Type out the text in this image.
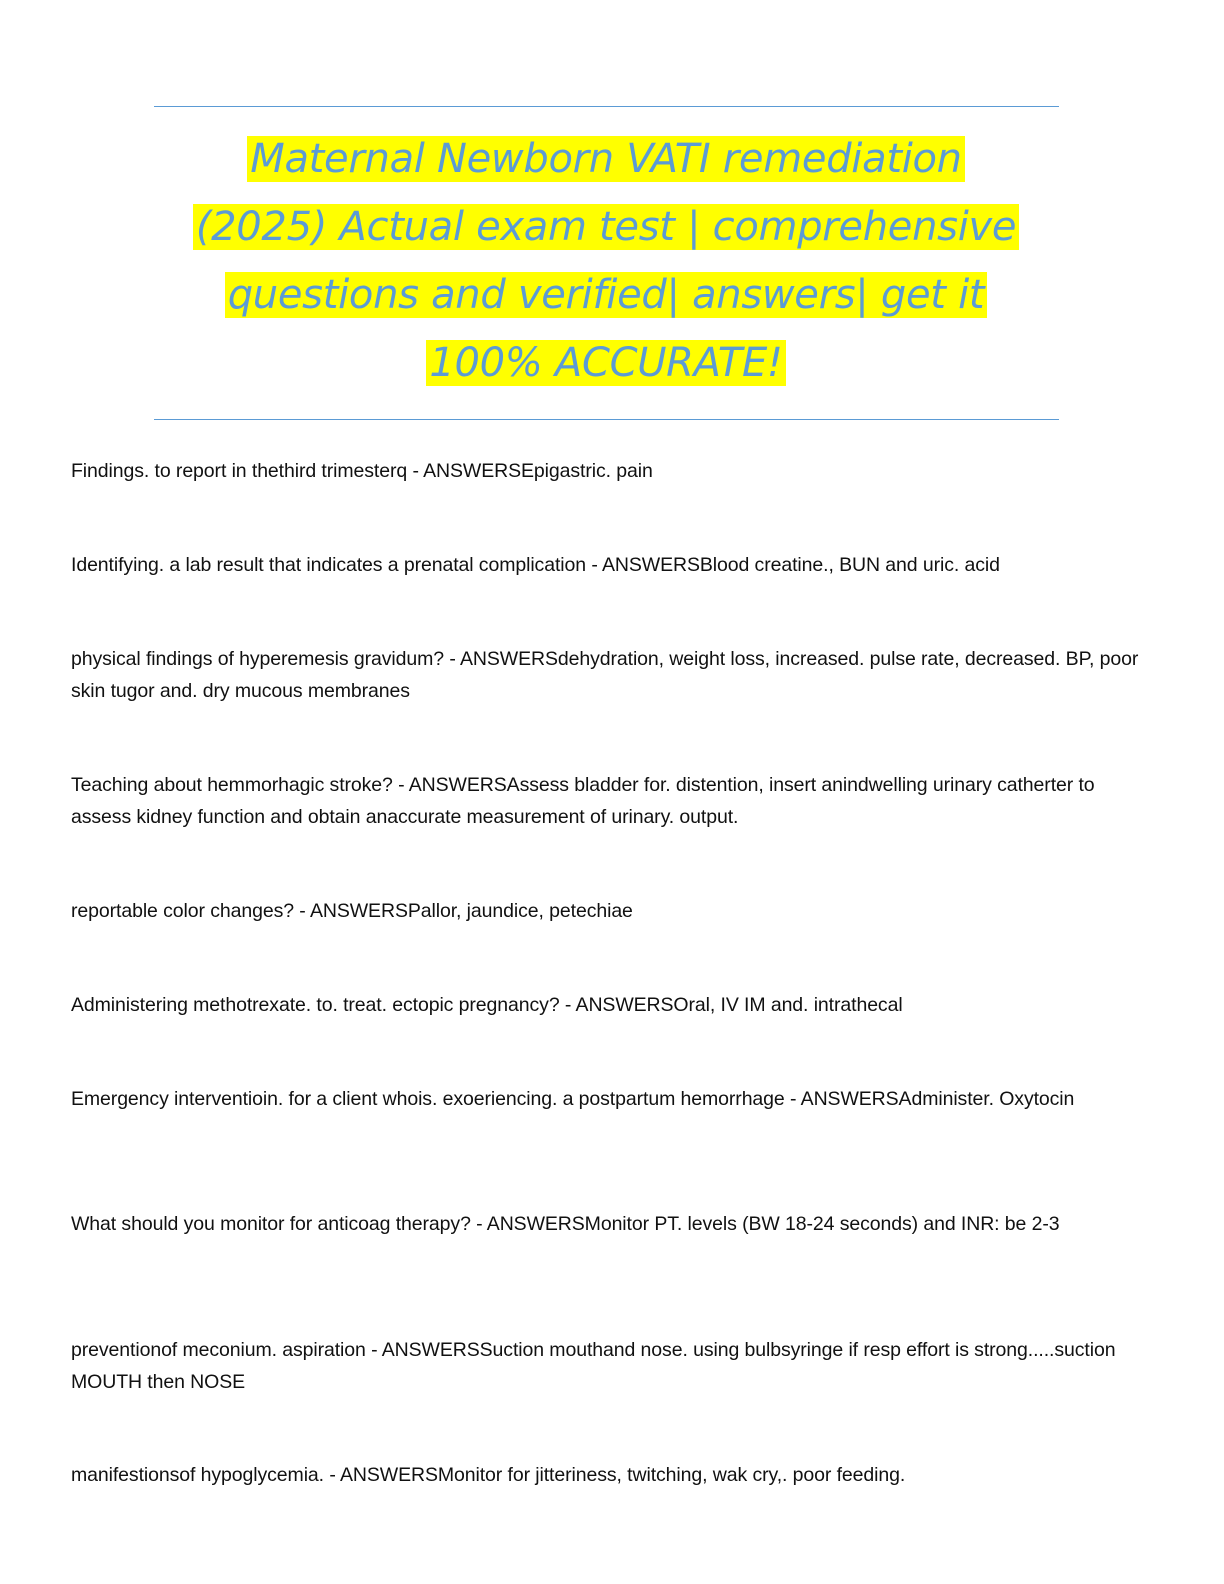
Maternal Newborn VATI remediation
(2025) Actual exam test | comprehensive
questions and verified| answers| get it
100% ACCURATE!

Findings. to report in thethird trimesterq - ANSWERSEpigastric. pain

Identifying. a lab result that indicates a prenatal complication - ANSWERSBlood creatine., BUN and uric. acid

physical findings of hyperemesis gravidum? - ANSWERSdehydration, weight loss, increased. pulse rate, decreased. BP, poor skin tugor and. dry mucous membranes

Teaching about hemmorhagic stroke? - ANSWERSAssess bladder for. distention, insert anindwelling urinary catherter to assess kidney function and obtain anaccurate measurement of urinary. output.

reportable color changes? - ANSWERSPallor, jaundice, petechiae

Administering methotrexate. to. treat. ectopic pregnancy? - ANSWERSOral, IV IM and. intrathecal

Emergency interventioin. for a client whois. exoeriencing. a postpartum hemorrhage - ANSWERSAdminister. Oxytocin

What should you monitor for anticoag therapy? - ANSWERSMonitor PT. levels (BW 18-24 seconds) and INR: be 2-3

preventionof meconium. aspiration - ANSWERSSuction mouthand nose. using bulbsyringe if resp effort is strong.....suction MOUTH then NOSE

manifestionsof hypoglycemia. - ANSWERSMonitor for jitteriness, twitching, wak cry,. poor feeding.
